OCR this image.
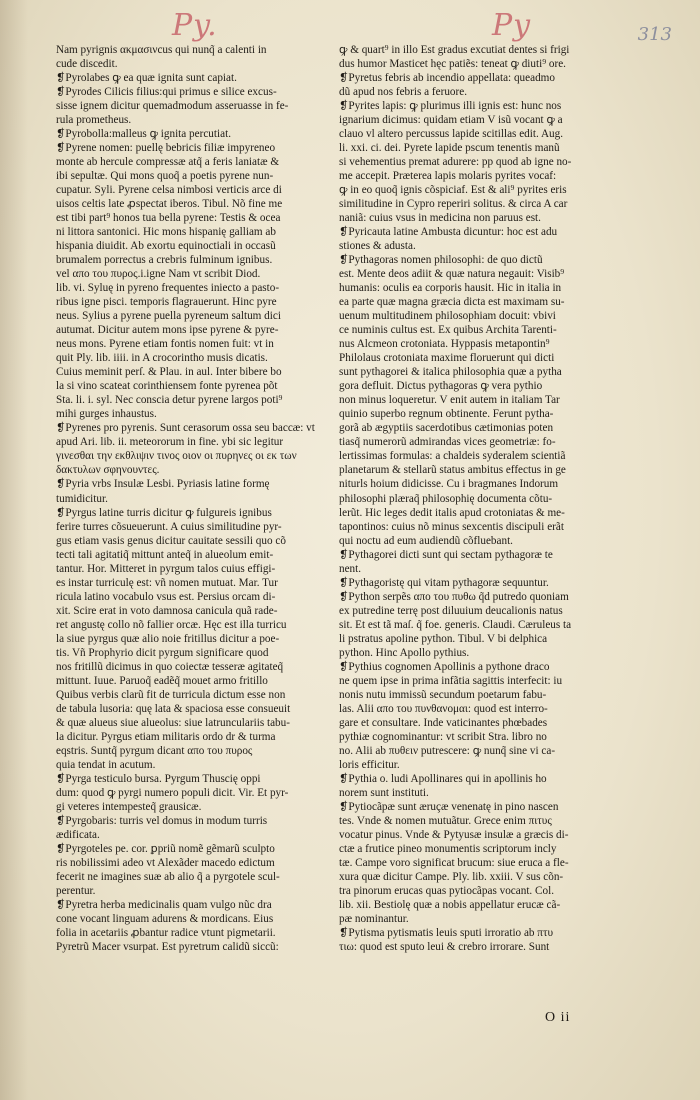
Py.	Py	313
Nam pyrignis ακμασινcus qui nunq̃ a calenti in
cude discedit.
❡Pyrolabes ꝙ ea quæ ignita sunt capiat.
❡Pyrodes Cilicis filius:qui primus e silice excus-
sisse ignem dicitur quemadmodum asseruasse in fe-
rula prometheus.
❡Pyrobolla:malleus ꝙ ignita percutiat.
❡Pyrene nomen: puellę bebricis filiæ impyreneo
monte ab hercule compressæ atq̃ a feris laniatæ &
ibi sepultæ. Qui mons quoq̃ a poetis pyrene nun-
cupatur. Syli. Pyrene celsa nimbosi verticis arce di
uisos celtis late ꝓspectat iberos. Tibul. Nõ fine me
est tibi part⁹ honos tua bella pyrene: Testis & ocea
ni littora santonici. Hic mons hispanię galliam ab
hispania diuidit. Ab exortu equinoctiali in occasũ
brumalem porrectus a crebris fulminum ignibus.
vel απο του πυρος.i.igne Nam vt scribit Diod.
lib. vi. Syluę in pyreno frequentes iniecto a pasto-
ribus igne pisci. temporis flagrauerunt. Hinc pyre
neus. Sylius a pyrene puella pyreneum saltum dici
autumat. Dicitur autem mons ipse pyrene & pyre-
neus mons. Pyrene etiam fontis nomen fuit: vt in
quit Ply. lib. iiii. in A crocorintho musis dicatis.
Cuius meminit perſ. & Plau. in aul. Inter bibere bo
la si vino scateat corinthiensem fonte pyrenea põt
Sta. li. i. syl. Nec conscia detur pyrene largos poti⁹
mihi gurges inhaustus.
❡Pyrenes pro pyrenis. Sunt cerasorum ossa seu baccæ: vt
apud Ari. lib. ii. meteororum in fine. ybi sic legitur
γινεσθαι την εκθλιψιν τινος οιον οι πυρηνες οι εκ των
δακτυλων σφηνουντες.
❡Pyria vrbs Insulæ Lesbi. Pyriasis latine formę
tumidicitur.
❡Pyrgus latine turris dicitur ꝙ fulgureis ignibus
ferire turres cõsueuerunt. A cuius similitudine pyr-
gus etiam vasis genus dicitur cauitate sessili quo cõ
tecti tali agitatiq̃ mittunt anteq̃ in alueolum emit-
tantur. Hor. Mitteret in pyrgum talos cuius effigi-
es instar turriculę est: vñ nomen mutuat. Mar. Tur
ricula latino vocabulo vsus est. Persius orcam di-
xit. Scire erat in voto damnosa canicula quã rade-
ret angustę collo nõ fallier orcæ. Hęc est illa turricu
la siue pyrgus quæ alio noie fritillus dicitur a poe-
tis. Vñ Prophyrio dicit pyrgum significare quod
nos fritillũ dicimus in quo coiectæ tesseræ agitateq̃
mittunt. Iuue. Paruoq̃ eadẽq̃ mouet armo fritillo
Quibus verbis clarũ fit de turricula dictum esse non
de tabula lusoria: quę lata & spaciosa esse consueuit
& quæ alueus siue alueolus: siue latrunculariis tabu-
la dicitur. Pyrgus etiam militaris ordo dr & turma
eqstris. Suntq̃ pyrgum dicant απο του πυρος
quia tendat in acutum.
❡Pyrga testiculo bursa. Pyrgum Thuscię oppi
dum: quod ꝙ pyrgi numero populi dicit. Vir. Et pyr-
gi veteres intempesteq̃ grausicæ.
❡Pyrgobaris: turris vel domus in modum turris
ædificata.
❡Pyrgoteles pe. cor. ꝑpriũ nomẽ gẽmarũ sculpto
ris nobilissimi adeo vt Alexãder macedo edictum
fecerit ne imagines suæ ab alio q̃ a pyrgotele scul-
perentur.
❡Pyretra herba medicinalis quam vulgo nũc dra
cone vocant linguam adurens & mordicans. Eius
folia in acetariis ꝓbantur radice vtunt pigmetarii.
Pyretrũ Macer vsurpat. Est pyretrum calidũ siccũ:
ꝙ & quart⁹ in illo Est gradus excutiat dentes si frigi
dus humor Masticet hęc patiẽs: teneat ꝙ diuti⁹ ore.
❡Pyretus febris ab incendio appellata: queadmo
dũ apud nos febris a feruore.
❡Pyrites lapis: ꝙ plurimus illi ignis est: hunc nos
ignarium dicimus: quidam etiam V isũ vocant ꝙ a
clauo vl altero percussus lapide scitillas edit. Aug.
li. xxi. ci. dei. Pyrete lapide pscum tenentis manũ
si vehementius premat adurere: pp quod ab igne no-
me accepit. Præterea lapis molaris pyrites vocaf:
ꝙ in eo quoq̃ ignis cõspiciaf. Est & ali⁹ pyrites eris
similitudine in Cypro reperiri solitus. & circa A car
naniã: cuius vsus in medicina non paruus est.
❡Pyricauta latine Ambusta dicuntur: hoc est adu
stiones & adusta.
❡Pythagoras nomen philosophi: de quo dictũ
est. Mente deos adiit & quæ natura negauit: Visib⁹
humanis: oculis ea corporis hausit. Hic in italia in
ea parte quæ magna græcia dicta est maximam su-
uenum multitudinem philosophiam docuit: vbivi
ce numinis cultus est. Ex quibus Archita Tarenti-
nus Alcmeon crotoniata. Hyppasis metapontin⁹
Philolaus crotoniata maxime floruerunt qui dicti
sunt pythagorei & italica philosophia quæ a pytha
gora defluit. Dictus pythagoras ꝙ vera pythio
non minus loqueretur. V enit autem in italiam Tar
quinio superbo regnum obtinente. Ferunt pytha-
gorã ab ægyptiis sacerdotibus cætimonias poten
tiasq̃ numerorũ admirandas vices geometriæ: fo-
lertissimas formulas: a chaldeis syderalem scientiã
planetarum & stellarũ status ambitus effectus in ge
niturls hoium didicisse. Cu i bragmanes Indorum
philosophi plæraq̃ philosophię documenta cõtu-
lerũt. Hic leges dedit italis apud crotoniatas & me-
tapontinos: cuius nõ minus sexcentis discipuli erãt
qui noctu ad eum audiendũ cõfluebant.
❡Pythagorei dicti sunt qui sectam pythagoræ te
nent.
❡Pythagoristę qui vitam pythagoræ sequuntur.
❡Python serpẽs απο του πυθω q̃d putredo quoniam
ex putredine terrę post diluuium deucalionis natus
sit. Et est tã maſ. q̃ foe. generis. Claudi. Cæruleus ta
li pstratus apoline python. Tibul. V bi delphica
python. Hinc Apollo pythius.
❡Pythius cognomen Apollinis a pythone draco
ne quem ipse in prima infãtia sagittis interfecit: iu
nonis nutu immissũ secundum poetarum fabu-
las. Alii απο του πυνθανομαι: quod est interro-
gare et consultare. Inde vaticinantes phœbades
pythiæ cognominantur: vt scribit Stra. libro no
no. Alii ab πυθειν putrescere: ꝙ nunq̃ sine vi ca-
loris efficitur.
❡Pythia o. ludi Apollinares qui in apollinis ho
norem sunt instituti.
❡Pytiocãpæ sunt æruçæ venenatę in pino nascen
tes. Vnde & nomen mutuãtur. Grece enim πιτυς
vocatur pinus. Vnde & Pytyusæ insulæ a græcis di-
ctæ a frutice pineo monumentis scriptorum incly
tæ. Campe voro significat brucum: siue eruca a fle-
xura quæ dicitur Campe. Ply. lib. xxiii. V sus cõn-
tra pinorum erucas quas pytiocãpas vocant. Col.
lib. xii. Bestiolę quæ a nobis appellatur erucæ cã-
pæ nominantur.
❡Pytisma pytismatis leuis sputi irroratio ab πτυ
τιω: quod est sputo leui & crebro irrorare. Sunt
O ii
